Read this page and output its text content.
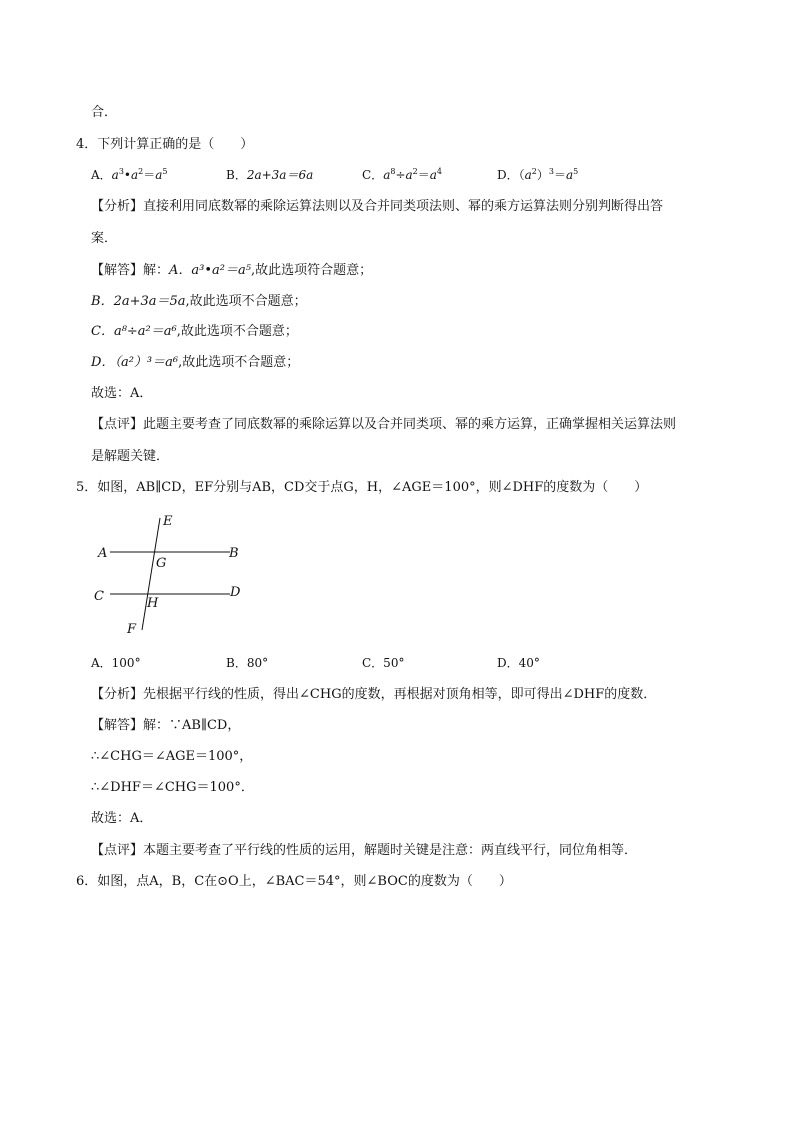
合．
4．下列计算正确的是（　　）
A．$a^3•a^2=a^5$	B．2a+3a＝6a	C．$a^8\div a^2=a^4$	D．$(a^2)^3=a^5$
【分析】直接利用同底数幂的乘除运算法则以及合并同类项法则、幂的乘方运算法则分别判断得出答
案．
【解答】解：A．a³•a²＝a⁵,故此选项符合题意；
B．2a+3a＝5a,故此选项不合题意；
C．a⁸÷a²＝a⁶,故此选项不合题意；
D．（a²）³＝a⁶,故此选项不合题意；
故选：A．
【点评】此题主要考查了同底数幂的乘除运算以及合并同类项、幂的乘方运算，正确掌握相关运算法则
是解题关键．
5．如图，AB∥CD，EF分别与AB，CD交于点G，H，∠AGE＝100°，则∠DHF的度数为（　　）
E
A	B
G
C	D
H
F
A．100°	B．80°	C．50°	D．40°
【分析】先根据平行线的性质，得出∠CHG的度数，再根据对顶角相等，即可得出∠DHF的度数．
【解答】解：∵AB∥CD，
∴∠CHG＝∠AGE＝100°，
∴∠DHF＝∠CHG＝100°．
故选：A．
【点评】本题主要考查了平行线的性质的运用，解题时关键是注意：两直线平行，同位角相等．
6．如图，点A，B，C在⊙O上，∠BAC＝54°，则∠BOC的度数为（　　）
